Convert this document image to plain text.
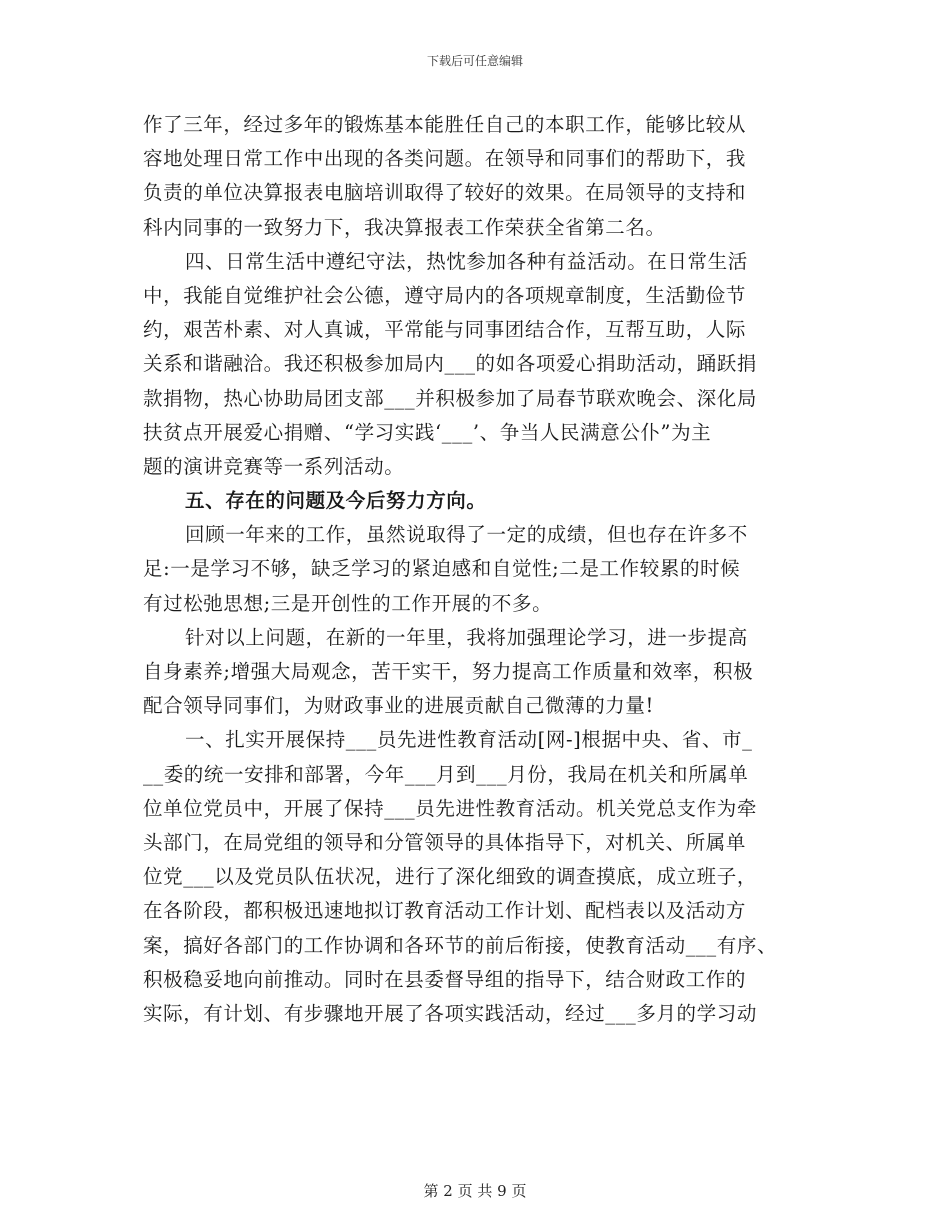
下载后可任意编辑
作了三年，经过多年的锻炼基本能胜任自己的本职工作，能够比较从
容地处理日常工作中出现的各类问题。在领导和同事们的帮助下，我
负责的单位决算报表电脑培训取得了较好的效果。在局领导的支持和
科内同事的一致努力下，我决算报表工作荣获全省第二名。
四、日常生活中遵纪守法，热忱参加各种有益活动。在日常生活
中，我能自觉维护社会公德，遵守局内的各项规章制度，生活勤俭节
约，艰苦朴素、对人真诚，平常能与同事团结合作，互帮互助，人际
关系和谐融洽。我还积极参加局内___的如各项爱心捐助活动，踊跃捐
款捐物，热心协助局团支部___并积极参加了局春节联欢晚会、深化局
扶贫点开展爱心捐赠、“学习实践‘___’、争当人民满意公仆”为主
题的演讲竞赛等一系列活动。
五、存在的问题及今后努力方向。
回顾一年来的工作，虽然说取得了一定的成绩，但也存在许多不
足:一是学习不够，缺乏学习的紧迫感和自觉性;二是工作较累的时候
有过松弛思想;三是开创性的工作开展的不多。
针对以上问题，在新的一年里，我将加强理论学习，进一步提高
自身素养;增强大局观念，苦干实干，努力提高工作质量和效率，积极
配合领导同事们，为财政事业的进展贡献自己微薄的力量!
一、扎实开展保持___员先进性教育活动[网-]根据中央、省、市_
__委的统一安排和部署，今年___月到___月份，我局在机关和所属单
位单位党员中，开展了保持___员先进性教育活动。机关党总支作为牵
头部门，在局党组的领导和分管领导的具体指导下，对机关、所属单
位党___以及党员队伍状况，进行了深化细致的调查摸底，成立班子，
在各阶段，都积极迅速地拟订教育活动工作计划、配档表以及活动方
案，搞好各部门的工作协调和各环节的前后衔接，使教育活动___有序、
积极稳妥地向前推动。同时在县委督导组的指导下，结合财政工作的
实际，有计划、有步骤地开展了各项实践活动，经过___多月的学习动
第 2 页 共 9 页
